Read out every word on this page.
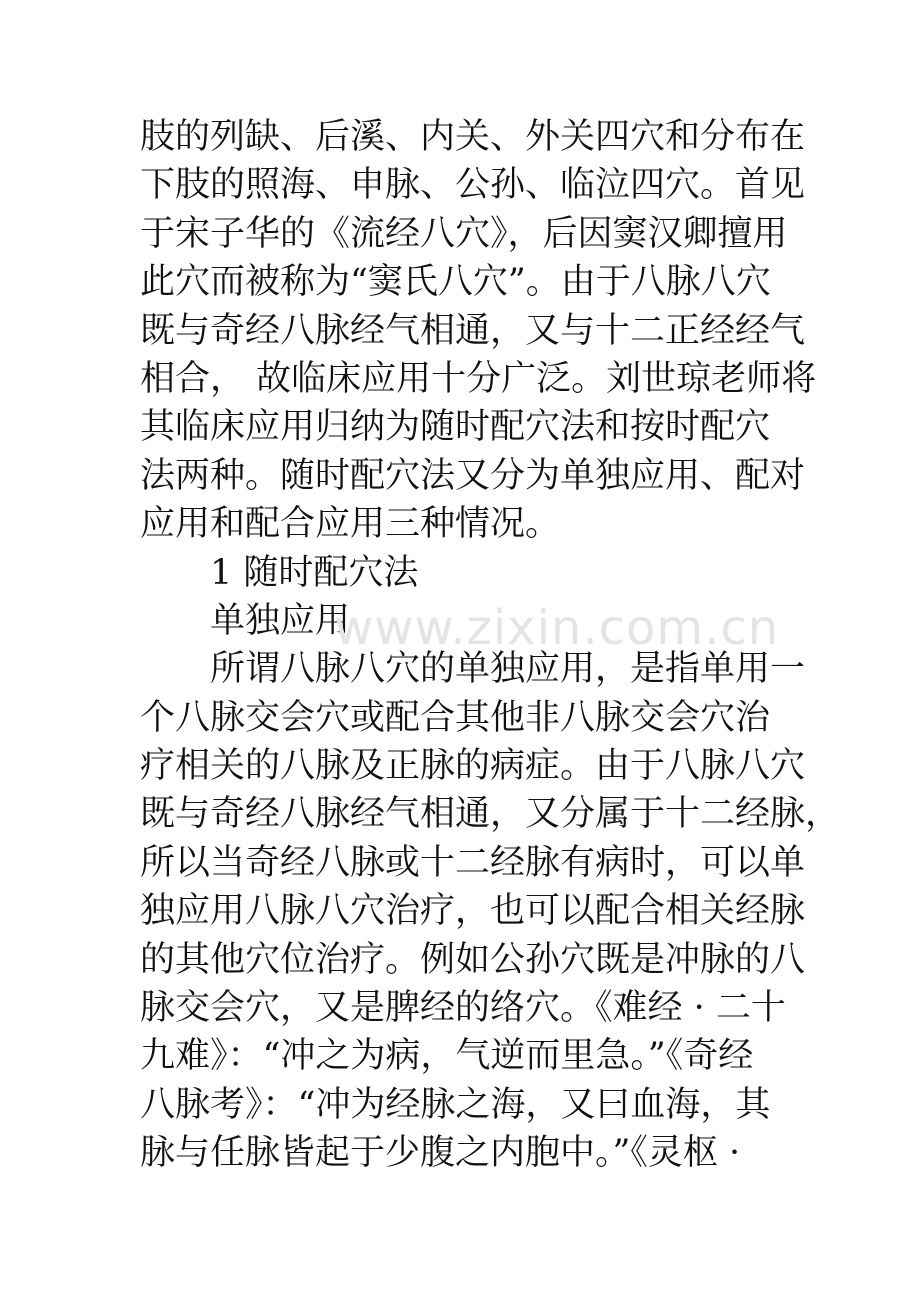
肢的列缺、后溪、内关、外关四穴和分布在
下肢的照海、申脉、公孙、临泣四穴。首见
于宋子华的《流经八穴》，后因窦汉卿擅用
此穴而被称为“窦氏八穴”。由于八脉八穴
既与奇经八脉经气相通，又与十二正经经气
相合， 故临床应用十分广泛。刘世琼老师将
其临床应用归纳为随时配穴法和按时配穴
法两种。随时配穴法又分为单独应用、配对
应用和配合应用三种情况。
1 随时配穴法
单独应用
所谓八脉八穴的单独应用，是指单用一
个八脉交会穴或配合其他非八脉交会穴治
疗相关的八脉及正脉的病症。由于八脉八穴
既与奇经八脉经气相通，又分属于十二经脉，
所以当奇经八脉或十二经脉有病时，可以单
独应用八脉八穴治疗，也可以配合相关经脉
的其他穴位治疗。例如公孙穴既是冲脉的八
脉交会穴，又是脾经的络穴。《难经 · 二十
九难》：“冲之为病，气逆而里急。”《奇经
八脉考》：“冲为经脉之海，又曰血海，其
脉与任脉皆起于少腹之内胞中。”《灵枢 ·
www.zixin.com.cn
